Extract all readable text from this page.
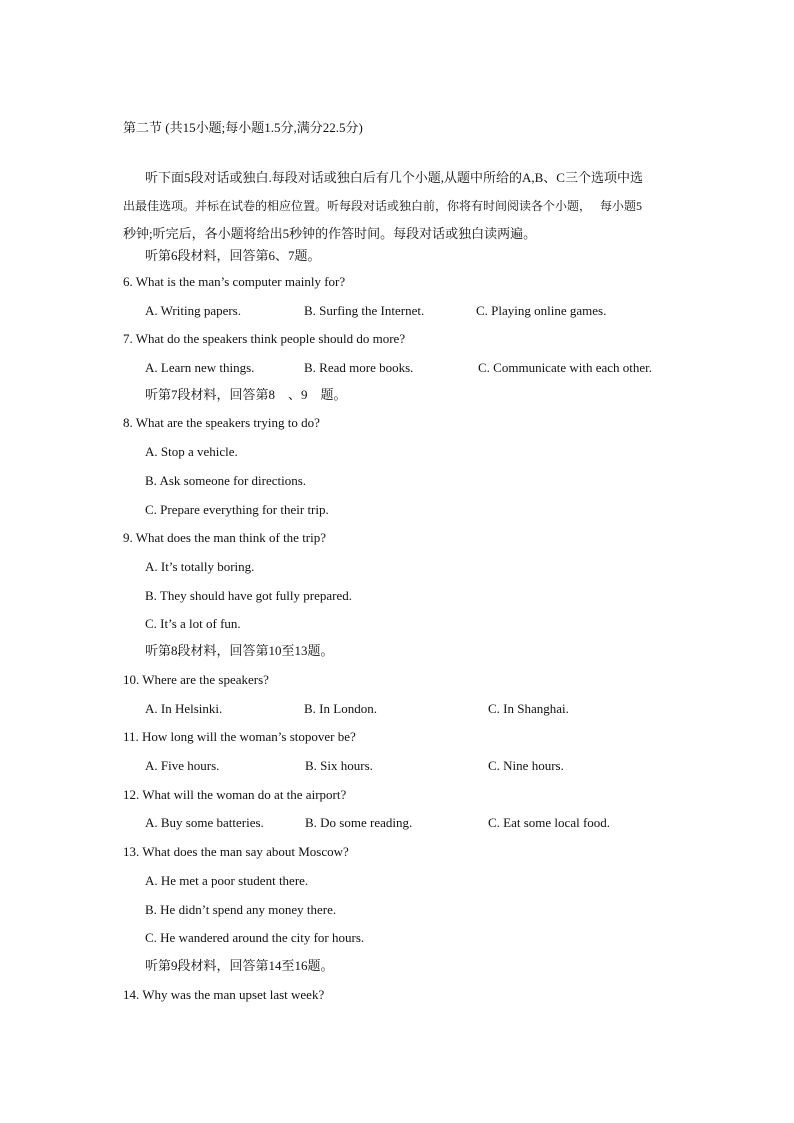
第二节 (共15小题;每小题1.5分,满分22.5分)
听下面5段对话或独白.每段对话或独白后有几个小题,从题中所给的A,B、C三个选项中选
出最佳选项。并标在试卷的相应位置。听每段对话或独白前，你将有时间阅读各个小题，　 每小题5
秒钟;听完后，各小题将给出5秒钟的作答时间。每段对话或独白读两遍。
听第6段材料，回答第6、7题。
6. What is the man’s computer mainly for?
A. Writing papers.	B. Surfing the Internet.	C. Playing online games.
7. What do the speakers think people should do more?
A. Learn new things.	B. Read more books.	C. Communicate with each other.
听第7段材料，回答第8　、9　题。
8. What are the speakers trying to do?
A. Stop a vehicle.
B. Ask someone for directions.
C. Prepare everything for their trip.
9. What does the man think of the trip?
A. It’s totally boring.
B. They should have got fully prepared.
C. It’s a lot of fun.
听第8段材料，回答第10至13题。
10. Where are the speakers?
A. In Helsinki.	B. In London.	C. In Shanghai.
11. How long will the woman’s stopover be?
A. Five hours.	B. Six hours.	C. Nine hours.
12. What will the woman do at the airport?
A. Buy some batteries.	B. Do some reading.	C. Eat some local food.
13. What does the man say about Moscow?
A. He met a poor student there.
B. He didn’t spend any money there.
C. He wandered around the city for hours.
听第9段材料，回答第14至16题。
14. Why was the man upset last week?
